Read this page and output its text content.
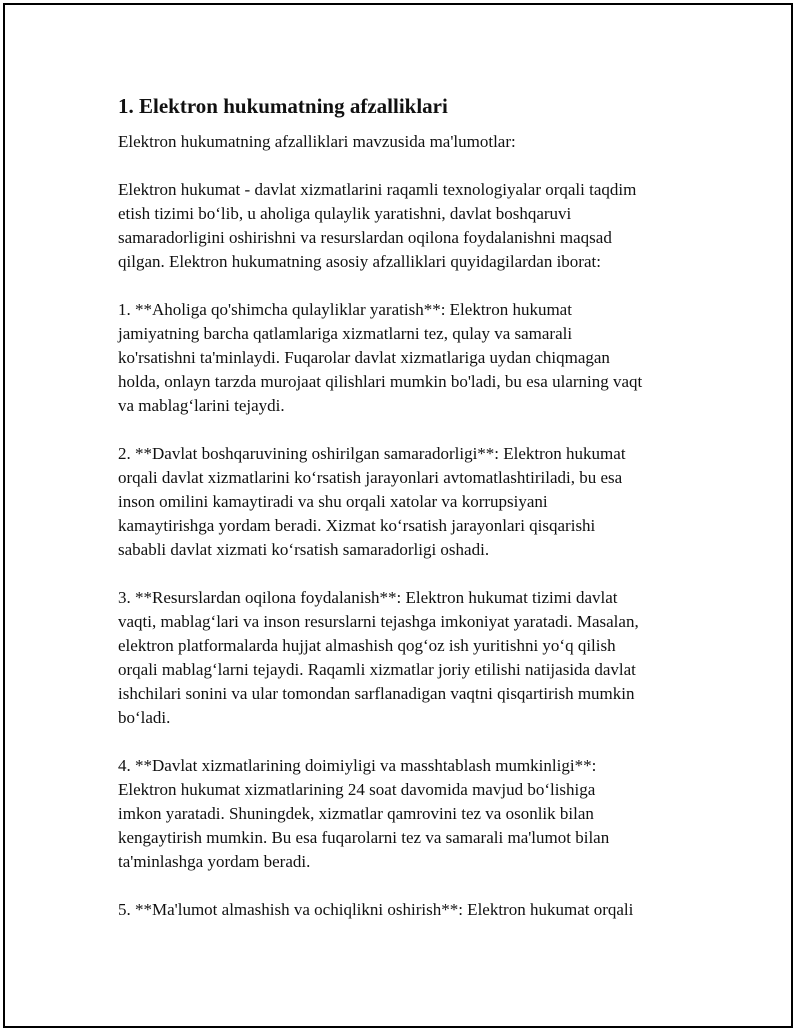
1. Elektron hukumatning afzalliklari

Elektron hukumatning afzalliklari mavzusida ma'lumotlar:

Elektron hukumat - davlat xizmatlarini raqamli texnologiyalar orqali taqdim
etish tizimi bo‘lib, u aholiga qulaylik yaratishni, davlat boshqaruvi
samaradorligini oshirishni va resurslardan oqilona foydalanishni maqsad
qilgan. Elektron hukumatning asosiy afzalliklari quyidagilardan iborat:

1. **Aholiga qo'shimcha qulayliklar yaratish**: Elektron hukumat
jamiyatning barcha qatlamlariga xizmatlarni tez, qulay va samarali
ko'rsatishni ta'minlaydi. Fuqarolar davlat xizmatlariga uydan chiqmagan
holda, onlayn tarzda murojaat qilishlari mumkin bo'ladi, bu esa ularning vaqt
va mablag‘larini tejaydi.

2. **Davlat boshqaruvining oshirilgan samaradorligi**: Elektron hukumat
orqali davlat xizmatlarini ko‘rsatish jarayonlari avtomatlashtiriladi, bu esa
inson omilini kamaytiradi va shu orqali xatolar va korrupsiyani
kamaytirishga yordam beradi. Xizmat ko‘rsatish jarayonlari qisqarishi
sababli davlat xizmati ko‘rsatish samaradorligi oshadi.

3. **Resurslardan oqilona foydalanish**: Elektron hukumat tizimi davlat
vaqti, mablag‘lari va inson resurslarni tejashga imkoniyat yaratadi. Masalan,
elektron platformalarda hujjat almashish qog‘oz ish yuritishni yo‘q qilish
orqali mablag‘larni tejaydi. Raqamli xizmatlar joriy etilishi natijasida davlat
ishchilari sonini va ular tomondan sarflanadigan vaqtni qisqartirish mumkin
bo‘ladi.

4. **Davlat xizmatlarining doimiyligi va masshtablash mumkinligi**:
Elektron hukumat xizmatlarining 24 soat davomida mavjud bo‘lishiga
imkon yaratadi. Shuningdek, xizmatlar qamrovini tez va osonlik bilan
kengaytirish mumkin. Bu esa fuqarolarni tez va samarali ma'lumot bilan
ta'minlashga yordam beradi.

5. **Ma'lumot almashish va ochiqlikni oshirish**: Elektron hukumat orqali
